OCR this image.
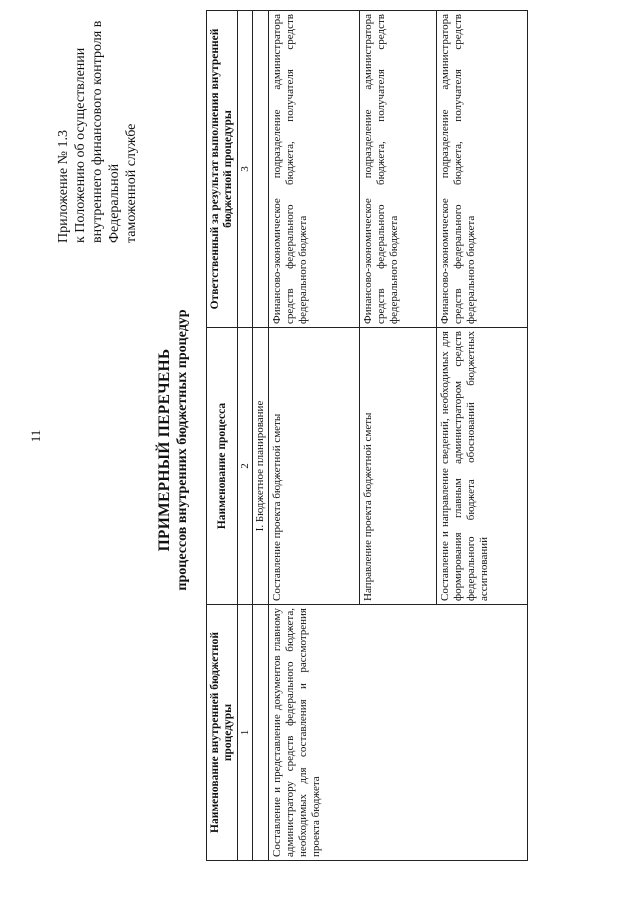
11
Приложение № 1.3 к Положению об осуществлении внутреннего финансового контроля в Федеральной таможенной службе
ПРИМЕРНЫЙ ПЕРЕЧЕНЬ процессов внутренних бюджетных процедур
Наименование внутренней бюджетной процедуры	Наименование процесса	Ответственный за результат выполнения внутренней бюджетной процедуры
1	2	3
	I. Бюджетное планирование	
Составление и представление документов главному администратору средств федерального бюджета, необходимых для составления и рассмотрения проекта бюджета	Составление проекта бюджетной сметы	Финансово-экономическое подразделение администратора средств федерального бюджета, получателя средств федерального бюджета
	Направление проекта бюджетной сметы	Финансово-экономическое подразделение администратора средств федерального бюджета, получателя средств федерального бюджета
	Составление и направление сведений, необходимых для формирования главным администратором средств федерального бюджета обоснований бюджетных ассигнований	Финансово-экономическое подразделение администратора средств федерального бюджета, получателя средств федерального бюджета
